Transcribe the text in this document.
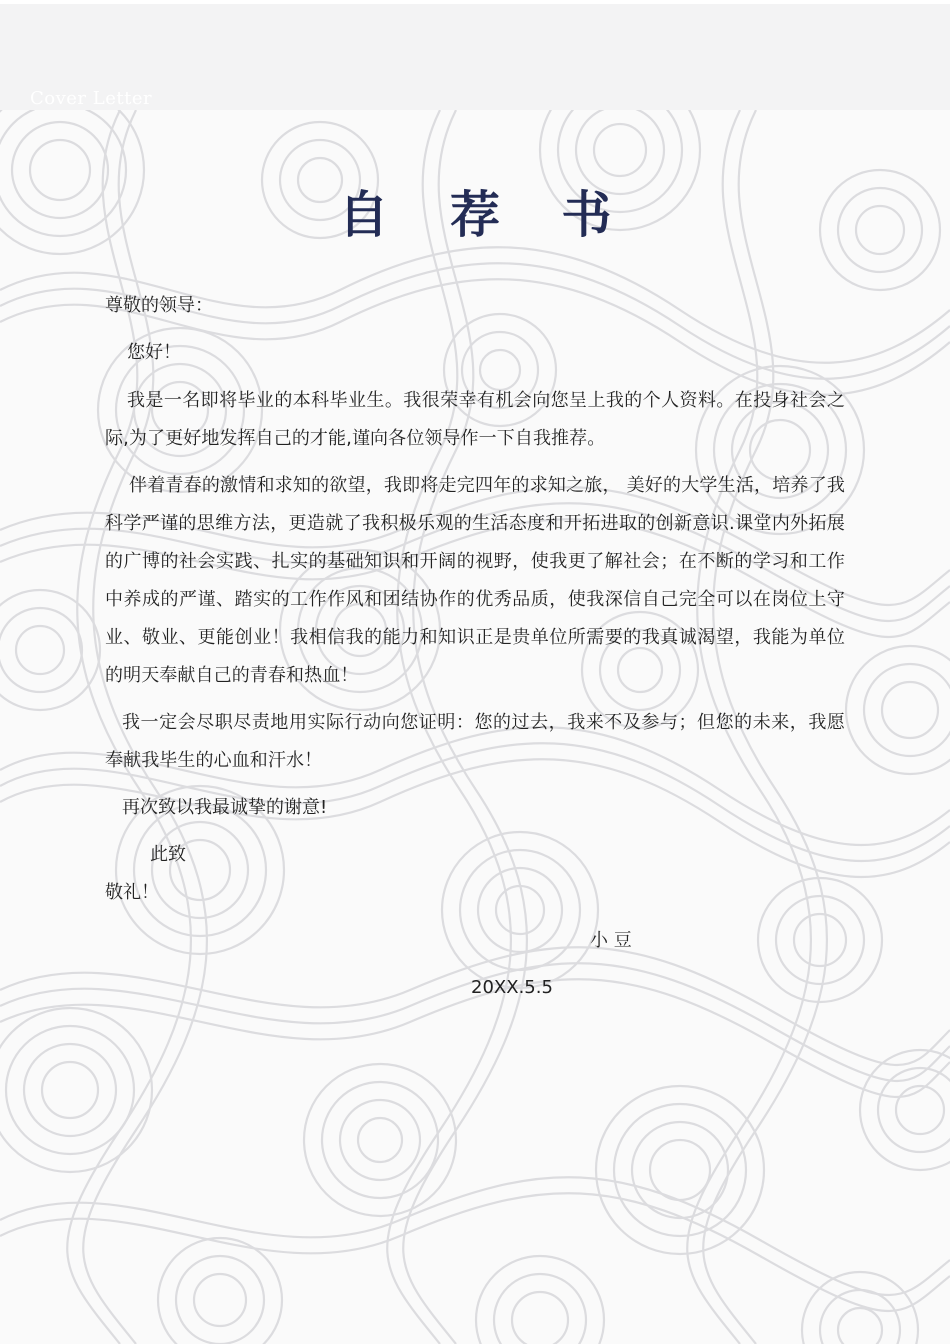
Cover Letter
自 荐 书
尊敬的领导：
您好！
我是一名即将毕业的本科毕业生。我很荣幸有机会向您呈上我的个人资料。在投身社会之际,为了更好地发挥自己的才能,谨向各位领导作一下自我推荐。
伴着青春的激情和求知的欲望，我即将走完四年的求知之旅， 美好的大学生活，培养了我科学严谨的思维方法，更造就了我积极乐观的生活态度和开拓进取的创新意识.课堂内外拓展的广博的社会实践、扎实的基础知识和开阔的视野，使我更了解社会；在不断的学习和工作中养成的严谨、踏实的工作作风和团结协作的优秀品质，使我深信自己完全可以在岗位上守业、敬业、更能创业！我相信我的能力和知识正是贵单位所需要的我真诚渴望，我能为单位的明天奉献自己的青春和热血！
我一定会尽职尽责地用实际行动向您证明：您的过去，我来不及参与；但您的未来，我愿奉献我毕生的心血和汗水！
再次致以我最诚挚的谢意!
此致
敬礼！
小 豆
20XX.5.5
